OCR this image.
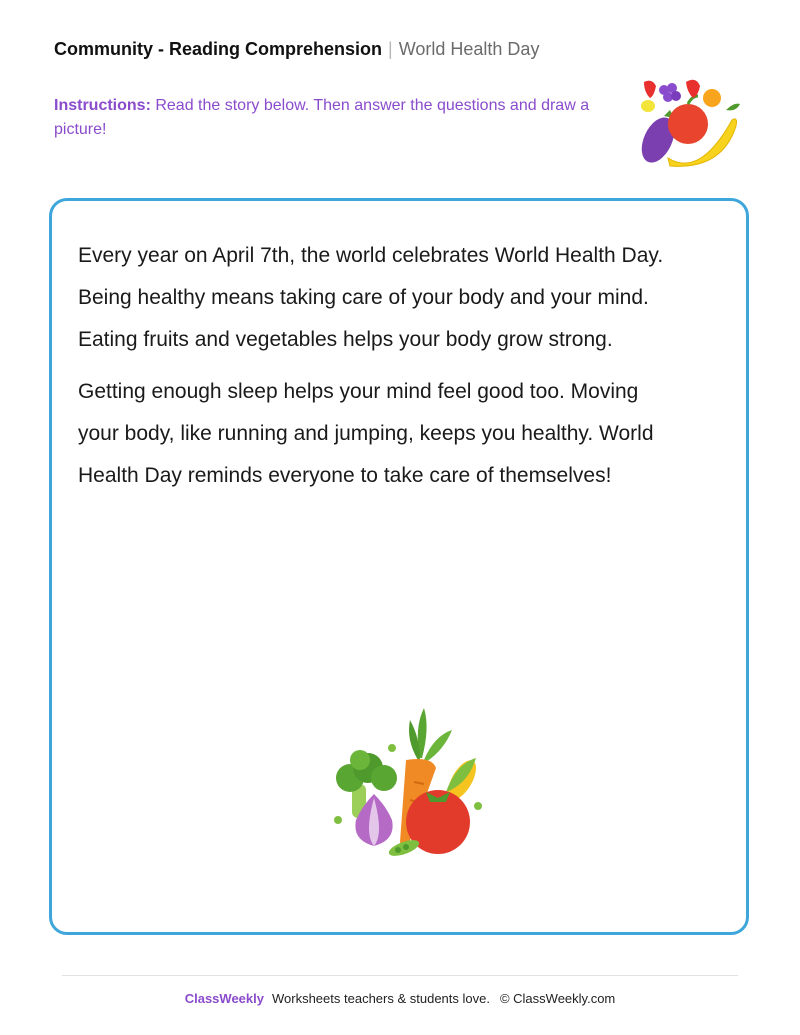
Community - Reading Comprehension | World Health Day
Instructions: Read the story below. Then answer the questions and draw a picture!

Every year on April 7th, the world celebrates World Health Day. Being healthy means taking care of your body and your mind. Eating fruits and vegetables helps your body grow strong.

Getting enough sleep helps your mind feel good too. Moving your body, like running and jumping, keeps you healthy. World Health Day reminds everyone to take care of themselves!

ClassWeekly Worksheets teachers & students love. © ClassWeekly.com
